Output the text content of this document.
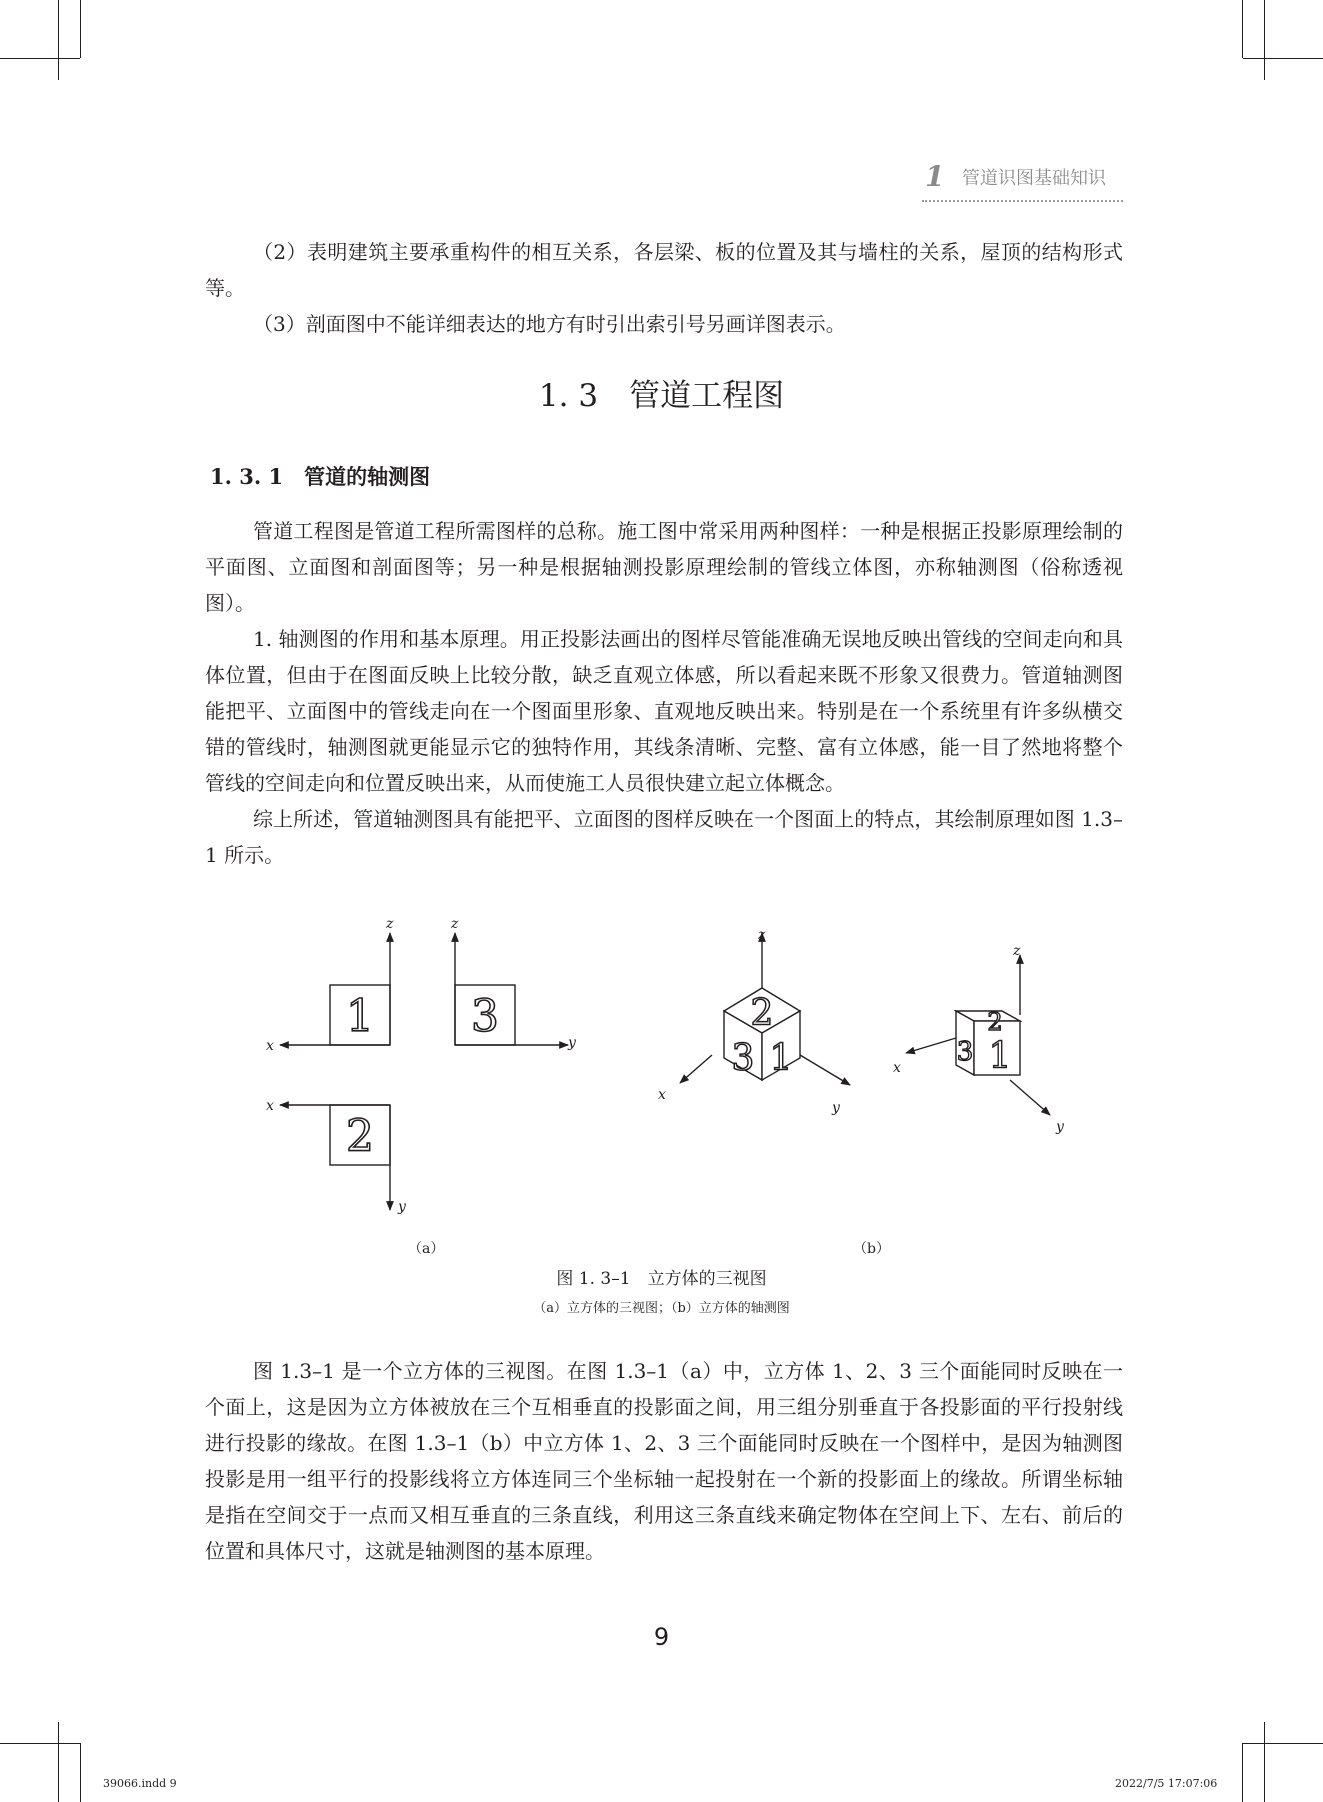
1 管道识图基础知识

（2）表明建筑主要承重构件的相互关系，各层梁、板的位置及其与墙柱的关系，屋顶的结构形式等。

（3）剖面图中不能详细表达的地方有时引出索引号另画详图表示。

1. 3　管道工程图
1. 3. 1　管道的轴测图

管道工程图是管道工程所需图样的总称。施工图中常采用两种图样：一种是根据正投影原理绘制的平面图、立面图和剖面图等；另一种是根据轴测投影原理绘制的管线立体图，亦称轴测图（俗称透视图）。

1. 轴测图的作用和基本原理。用正投影法画出的图样尽管能准确无误地反映出管线的空间走向和具体位置，但由于在图面反映上比较分散，缺乏直观立体感，所以看起来既不形象又很费力。管道轴测图能把平、立面图中的管线走向在一个图面里形象、直观地反映出来。特别是在一个系统里有许多纵横交错的管线时，轴测图就更能显示它的独特作用，其线条清晰、完整、富有立体感，能一目了然地将整个管线的空间走向和位置反映出来，从而使施工人员很快建立起立体概念。

综上所述，管道轴测图具有能把平、立面图的图样反映在一个图面上的特点，其绘制原理如图 1.3–1 所示。

1 3
2
z	z
x
x
y
y
2
3 1
2
3 1
z
x
y
z
x
y
（a）	（b）
图 1. 3–1　立方体的三视图
（a）立方体的三视图；（b）立方体的轴测图

图 1.3–1 是一个立方体的三视图。在图 1.3–1（a）中，立方体 1、2、3 三个面能同时反映在一个面上，这是因为立方体被放在三个互相垂直的投影面之间，用三组分别垂直于各投影面的平行投射线进行投影的缘故。在图 1.3–1（b）中立方体 1、2、3 三个面能同时反映在一个图样中，是因为轴测图投影是用一组平行的投影线将立方体连同三个坐标轴一起投射在一个新的投影面上的缘故。所谓坐标轴是指在空间交于一点而又相互垂直的三条直线，利用这三条直线来确定物体在空间上下、左右、前后的位置和具体尺寸，这就是轴测图的基本原理。

9
39066.indd 9	2022/7/5 17:07:06
